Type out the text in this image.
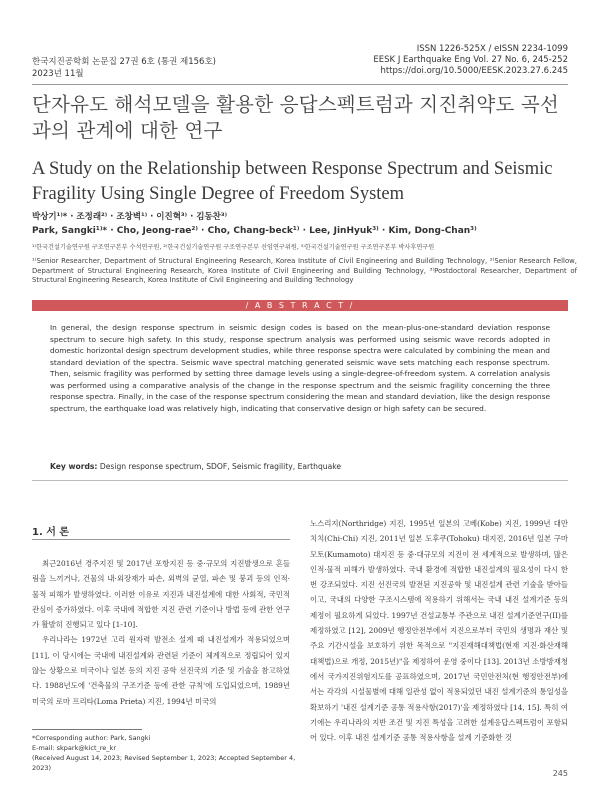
한국지진공학회 논문집 27권 6호 (통권 제156호)
2023년 11월
ISSN 1226-525X / eISSN 2234-1099
EESK J Earthquake Eng Vol. 27 No. 6, 245-252
https://doi.org/10.5000/EESK.2023.27.6.245
단자유도 해석모델을 활용한 응답스펙트럼과 지진취약도 곡선과의 관계에 대한 연구
A Study on the Relationship between Response Spectrum and Seismic Fragility Using Single Degree of Freedom System
박상기¹⁾* · 조정래²⁾ · 조창벽¹⁾ · 이진혁³⁾ · 김동찬³⁾
Park, Sangki¹⁾* · Cho, Jeong-rae²⁾ · Cho, Chang-beck¹⁾ · Lee, JinHyuk³⁾ · Kim, Dong-Chan³⁾
¹⁾한국건설기술연구원 구조연구본부 수석연구원, ²⁾한국건설기술연구원 구조연구본부 선임연구위원, ³⁾한국건설기술연구원 구조연구본부 박사후연구원
¹⁾Senior Researcher, Department of Structural Engineering Research, Korea Institute of Civil Engineering and Building Technology, ²⁾Senior Research Fellow, Department of Structural Engineering Research, Korea Institute of Civil Engineering and Building Technology, ³⁾Postdoctoral Researcher, Department of Structural Engineering Research, Korea Institute of Civil Engineering and Building Technology
/ A B S T R A C T /
In general, the design response spectrum in seismic design codes is based on the mean-plus-one-standard deviation response spectrum to secure high safety. In this study, response spectrum analysis was performed using seismic wave records adopted in domestic horizontal design spectrum development studies, while three response spectra were calculated by combining the mean and standard deviation of the spectra. Seismic wave spectral matching generated seismic wave sets matching each response spectrum. Then, seismic fragility was performed by setting three damage levels using a single-degree-of-freedom system. A correlation analysis was performed using a comparative analysis of the change in the response spectrum and the seismic fragility concerning the three response spectra. Finally, in the case of the response spectrum considering the mean and standard deviation, like the design response spectrum, the earthquake load was relatively high, indicating that conservative design or high safety can be secured.
Key words: Design response spectrum, SDOF, Seismic fragility, Earthquake
1. 서 론

최근2016년 경주지진 및 2017년 포항지진 등 중·규모의 지진발생으로 흔들림을 느끼거나, 건물의 내·외장재가 파손, 외벽의 균열, 파손 및 붕괴 등의 인적·물적 피해가 발생하였다. 이러한 이유로 지진과 내진설계에 대한 사회적, 국민적 관심이 증가하였다. 이후 국내에 적합한 지진 관련 기준이나 방법 등에 관한 연구가 활발히 진행되고 있다 [1-10].

우리나라는 1972년 고리 원자력 발전소 설계 때 내진설계가 적용되었으며 [11], 이 당시에는 국내에 내진설계와 관련된 기준이 체계적으로 정립되어 있지 않는 상황으로 미국이나 일본 등의 지진 공학 선진국의 기준 및 기술을 참고하였다. 1988년도에 '건축물의 구조기준 등에 관한 규칙'에 도입되었으며, 1989년 미국의 로마 프리타(Loma Prieta) 지진, 1994년 미국의

노스리지(Northridge) 지진, 1995년 일본의 고베(Kobe) 지진, 1999년 대만 치치(Chi-Chi) 지진, 2011년 일본 도후쿠(Tohoku) 대지진, 2016년 일본 구마모토(Kumamoto) 대지진 등 중·대규모의 지진이 전 세계적으로 발생하며, 많은 인적·물적 피해가 발생하였다. 국내 환경에 적합한 내진설계의 필요성이 다시 한번 강조되었다. 지진 선진국의 발전된 지진공학 및 내진설계 관련 기술을 받아들이고, 국내의 다양한 구조시스템에 적용하기 위해서는 국내 내진 설계기준 등의 제정이 필요하게 되었다. 1997년 건설교통부 주관으로 내진 설계기준연구(II)를 제정하였고 [12], 2009년 행정안전부에서 지진으로부터 국민의 생명과 재산 및 주요 기간시설을 보호하기 위한 목적으로 "지진재해대책법(현재 지진·화산재해대책법)으로 개정, 2015년)"을 제정하여 운영 중이다 [13]. 2013년 소방방재청에서 국가지진위험지도를 공표하였으며, 2017년 국민안전처(현 행정안전부)에서는 각각의 시설물별에 대해 일관성 없이 적용되었던 내진 설계기준의 통일성을 확보하기 '내진 설계기준 공통 적용사항(2017)'을 제정하였다 [14, 15]. 특히 여기에는 우리나라의 지반 조건 및 지진 특성을 고려한 설계응답스펙트럼이 포함되어 있다. 이후 내진 설계기준 공통 적용사항을 설계 기준화한 것

*Corresponding author: Park, Sangki
E-mail: skpark@kict_re_kr
(Received August 14, 2023; Revised September 1, 2023; Accepted September 4, 2023)
245
